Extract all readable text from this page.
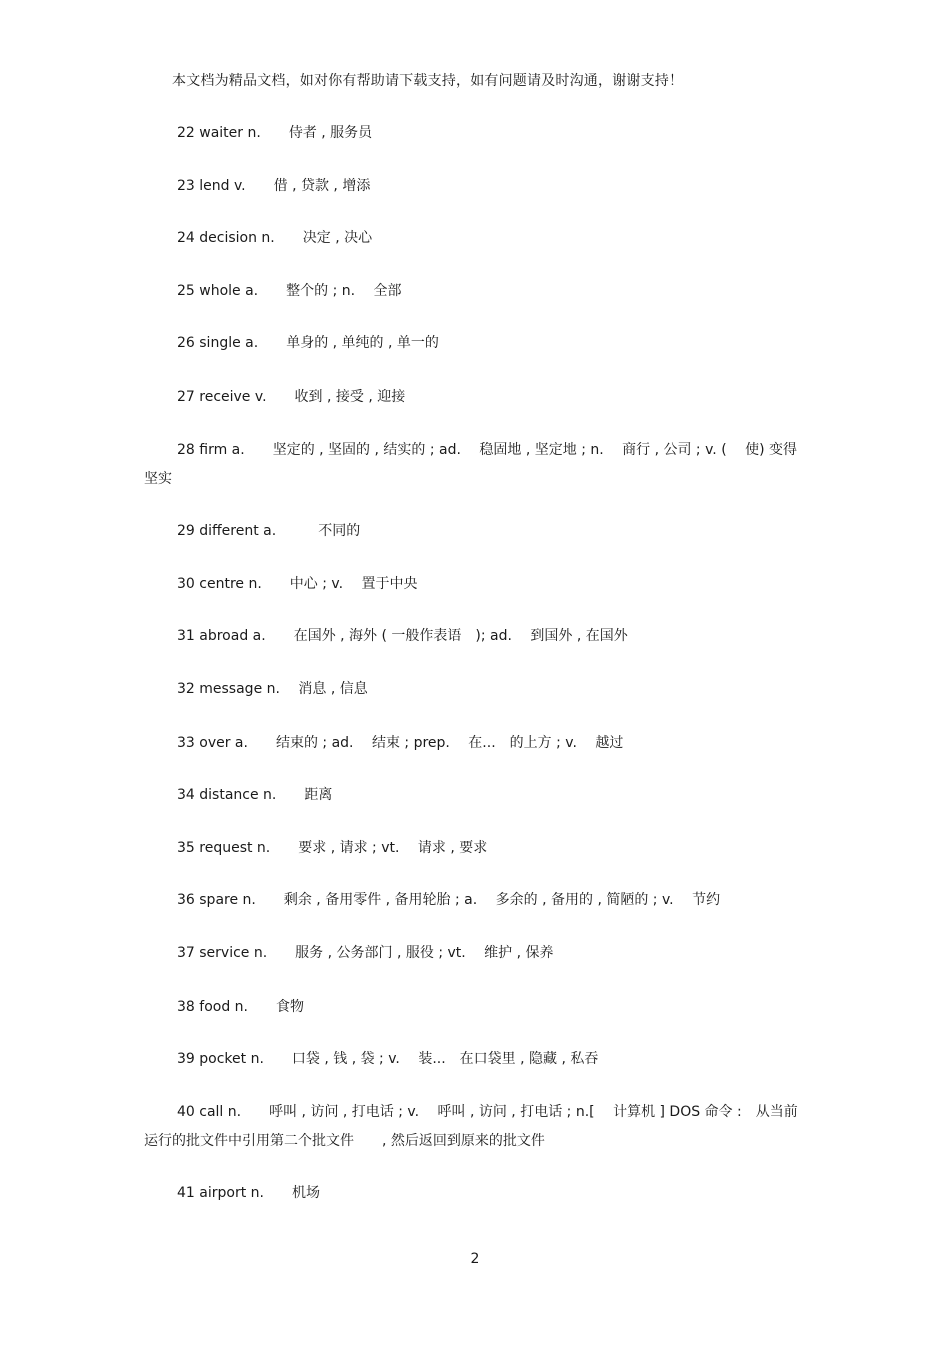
本文档为精品文档，如对你有帮助请下载支持，如有问题请及时沟通，谢谢支持！
22 waiter n.　　侍者 , 服务员
23 lend v.　　借 , 贷款 , 增添
24 decision n.　　决定 , 决心
25 whole a.　　整个的 ; n.　 全部
26 single a.　　单身的 , 单纯的 , 单一的
27 receive v.　　收到 , 接受 , 迎接
28 firm a.　　坚定的 , 坚固的 , 结实的 ; ad.　 稳固地 , 坚定地 ; n.　 商行 , 公司 ; v. (　 使) 变得坚实
29 different a.　　　不同的
30 centre n.　　中心 ; v.　 置于中央
31 abroad a.　　在国外 , 海外 ( 一般作表语　); ad.　 到国外 , 在国外
32 message n.　 消息 , 信息
33 over a.　　结束的 ; ad.　 结束 ; prep.　 在...　的上方 ; v.　 越过
34 distance n.　　距离
35 request n.　　要求 , 请求 ; vt.　 请求 , 要求
36 spare n.　　剩余 , 备用零件 , 备用轮胎 ; a.　 多余的 , 备用的 , 简陋的 ; v.　 节约
37 service n.　　服务 , 公务部门 , 服役 ; vt.　 维护 , 保养
38 food n.　　食物
39 pocket n.　　口袋 , 钱 , 袋 ; v.　 装...　在口袋里 , 隐藏 , 私吞
40 call n.　　呼叫 , 访问 , 打电话 ; v.　 呼叫 , 访问 , 打电话 ; n.[　 计算机 ] DOS 命令 :　从当前运行的批文件中引用第二个批文件　　, 然后返回到原来的批文件
41 airport n.　　机场
2
